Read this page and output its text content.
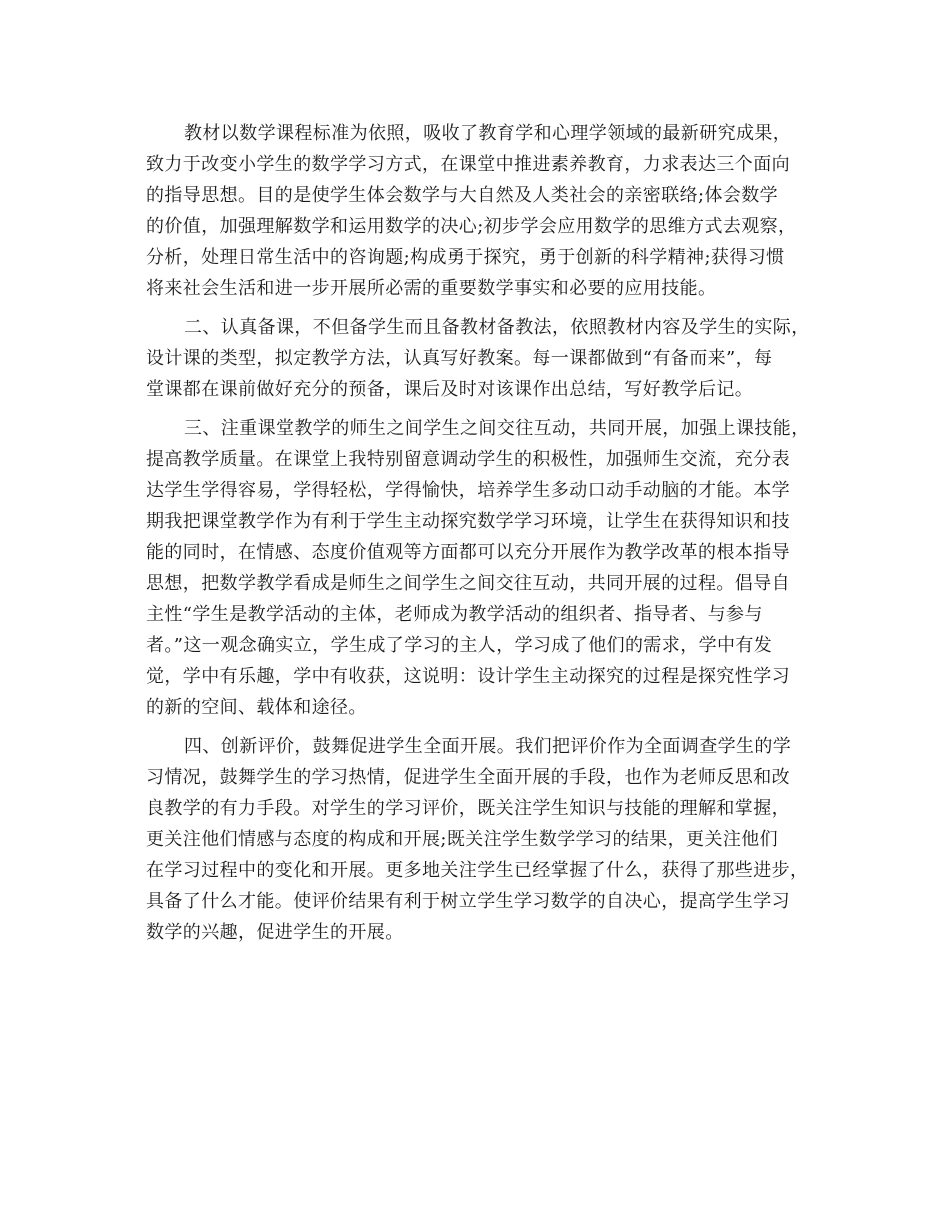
教材以数学课程标准为依照，吸收了教育学和心理学领域的最新研究成果，
致力于改变小学生的数学学习方式，在课堂中推进素养教育，力求表达三个面向
的指导思想。目的是使学生体会数学与大自然及人类社会的亲密联络;体会数学
的价值，加强理解数学和运用数学的决心;初步学会应用数学的思维方式去观察，
分析，处理日常生活中的咨询题;构成勇于探究，勇于创新的科学精神;获得习惯
将来社会生活和进一步开展所必需的重要数学事实和必要的应用技能。
二、认真备课，不但备学生而且备教材备教法，依照教材内容及学生的实际，
设计课的类型，拟定教学方法，认真写好教案。每一课都做到“有备而来”，每
堂课都在课前做好充分的预备，课后及时对该课作出总结，写好教学后记。
三、注重课堂教学的师生之间学生之间交往互动，共同开展，加强上课技能，
提高教学质量。在课堂上我特别留意调动学生的积极性，加强师生交流，充分表
达学生学得容易，学得轻松，学得愉快，培养学生多动口动手动脑的才能。本学
期我把课堂教学作为有利于学生主动探究数学学习环境，让学生在获得知识和技
能的同时，在情感、态度价值观等方面都可以充分开展作为教学改革的根本指导
思想，把数学教学看成是师生之间学生之间交往互动，共同开展的过程。倡导自
主性“学生是教学活动的主体，老师成为教学活动的组织者、指导者、与参与
者。”这一观念确实立，学生成了学习的主人，学习成了他们的需求，学中有发
觉，学中有乐趣，学中有收获，这说明：设计学生主动探究的过程是探究性学习
的新的空间、载体和途径。
四、创新评价，鼓舞促进学生全面开展。我们把评价作为全面调查学生的学
习情况，鼓舞学生的学习热情，促进学生全面开展的手段，也作为老师反思和改
良教学的有力手段。对学生的学习评价，既关注学生知识与技能的理解和掌握，
更关注他们情感与态度的构成和开展;既关注学生数学学习的结果，更关注他们
在学习过程中的变化和开展。更多地关注学生已经掌握了什么，获得了那些进步，
具备了什么才能。使评价结果有利于树立学生学习数学的自决心，提高学生学习
数学的兴趣，促进学生的开展。
